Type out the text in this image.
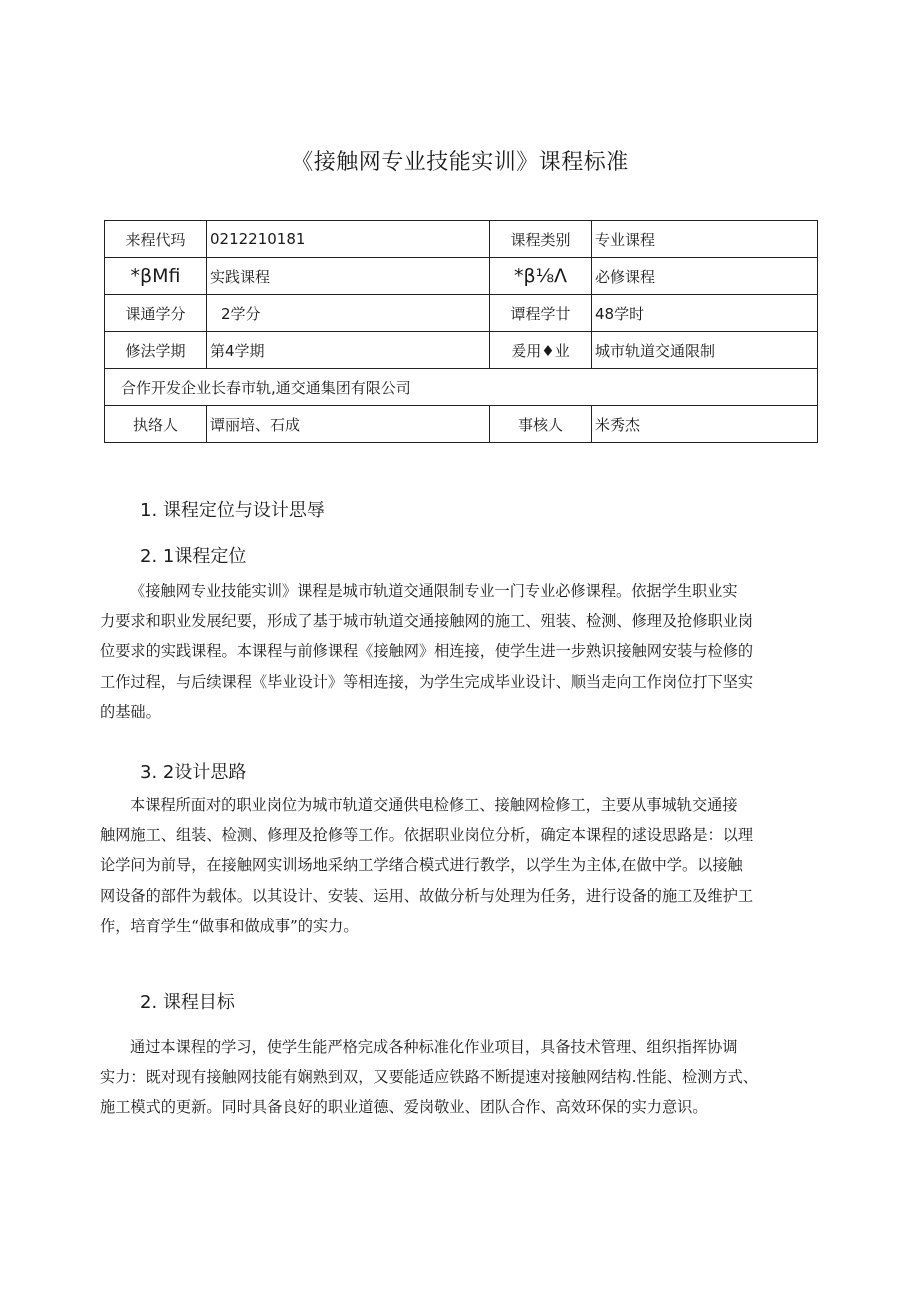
《接触网专业技能实训》课程标准
来程代玛	0212210181	课程类别	专业课程
*βMfi	实践课程	*β⅛Λ	必修课程
课通学分	2学分	谭程学廿	48学时
修法学期	第4学期	爰用♦业	城市轨道交通限制
合作开发企业长春市轨,通交通集团有限公司			
执络人	谭丽培、石成	事核人	米秀杰
1. 课程定位与设计思辱
2. 1课程定位
《接触网专业技能实训》课程是城市轨道交通限制专业一门专业必修课程。依据学生职业实
力要求和职业发展纪要，形成了基于城市轨道交通接触网的施工、殂装、检测、修理及抢修职业岗
位要求的实践课程。本课程与前修课程《接触网》相连接，使学生进一步熟识接触网安装与检修的
工作过程，与后续课程《毕业设计》等相连接，为学生完成毕业设计、顺当走向工作岗位打下坚实
的基础。
3. 2设计思路
本课程所面对的职业岗位为城市轨道交通供电检修工、接触网检修工，主要从事城轨交通接
触网施工、组装、检测、修理及抢修等工作。依据职业岗位分析，确定本课程的逑设思路是：以理
论学问为前导，在接触网实训场地采纳工学绪合模式进行教学，以学生为主体,在做中学。以接触
网设备的部件为载体。以其设计、安装、运用、故做分析与处理为任务，进行设备的施工及维护工
作，培育学生“做事和做成事”的实力。
2. 课程目标
通过本课程的学习，使学生能严格完成各种标准化作业项目，具备技术管理、组织指挥协调
实力：既对现有接触网技能有娴熟到双，又要能适应铁路不断提速对接触网结构.性能、检测方式、
施工模式的更新。同时具备良好的职业道德、爱岗敬业、团队合作、高效环保的实力意识。
